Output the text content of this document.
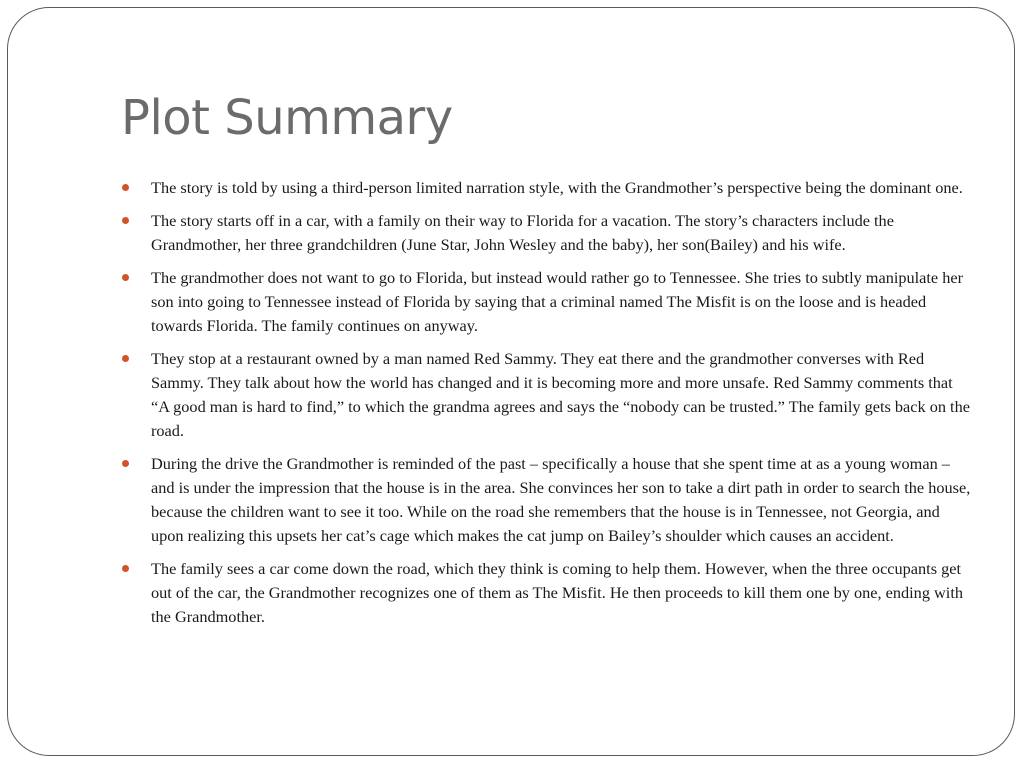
Plot Summary
The story is told by using a third-person limited narration style, with the Grandmother’s perspective being the dominant one.
The story starts off in a car, with a family on their way to Florida for a vacation. The story’s characters include the Grandmother, her three grandchildren (June Star, John Wesley and the baby), her son(Bailey) and his wife.
The grandmother does not want to go to Florida, but instead would rather go to Tennessee. She tries to subtly manipulate her son into going to Tennessee instead of Florida by saying that a criminal named The Misfit is on the loose and is headed towards Florida. The family continues on anyway.
They stop at a restaurant owned by a man named Red Sammy. They eat there and the grandmother converses with Red Sammy. They talk about how the world has changed and it is becoming more and more unsafe. Red Sammy comments that “A good man is hard to find,” to which the grandma agrees and says the “nobody can be trusted.” The family gets back on the road.
During the drive the Grandmother is reminded of the past – specifically a house that she spent time at as a young woman – and is under the impression that the house is in the area. She convinces her son to take a dirt path in order to search the house, because the children want to see it too. While on the road she remembers that the house is in Tennessee, not Georgia, and upon realizing this upsets her cat’s cage which makes the cat jump on Bailey’s shoulder which causes an accident.
The family sees a car come down the road, which they think is coming to help them. However, when the three occupants get out of the car, the Grandmother recognizes one of them as The Misfit. He then proceeds to kill them one by one, ending with the Grandmother.
